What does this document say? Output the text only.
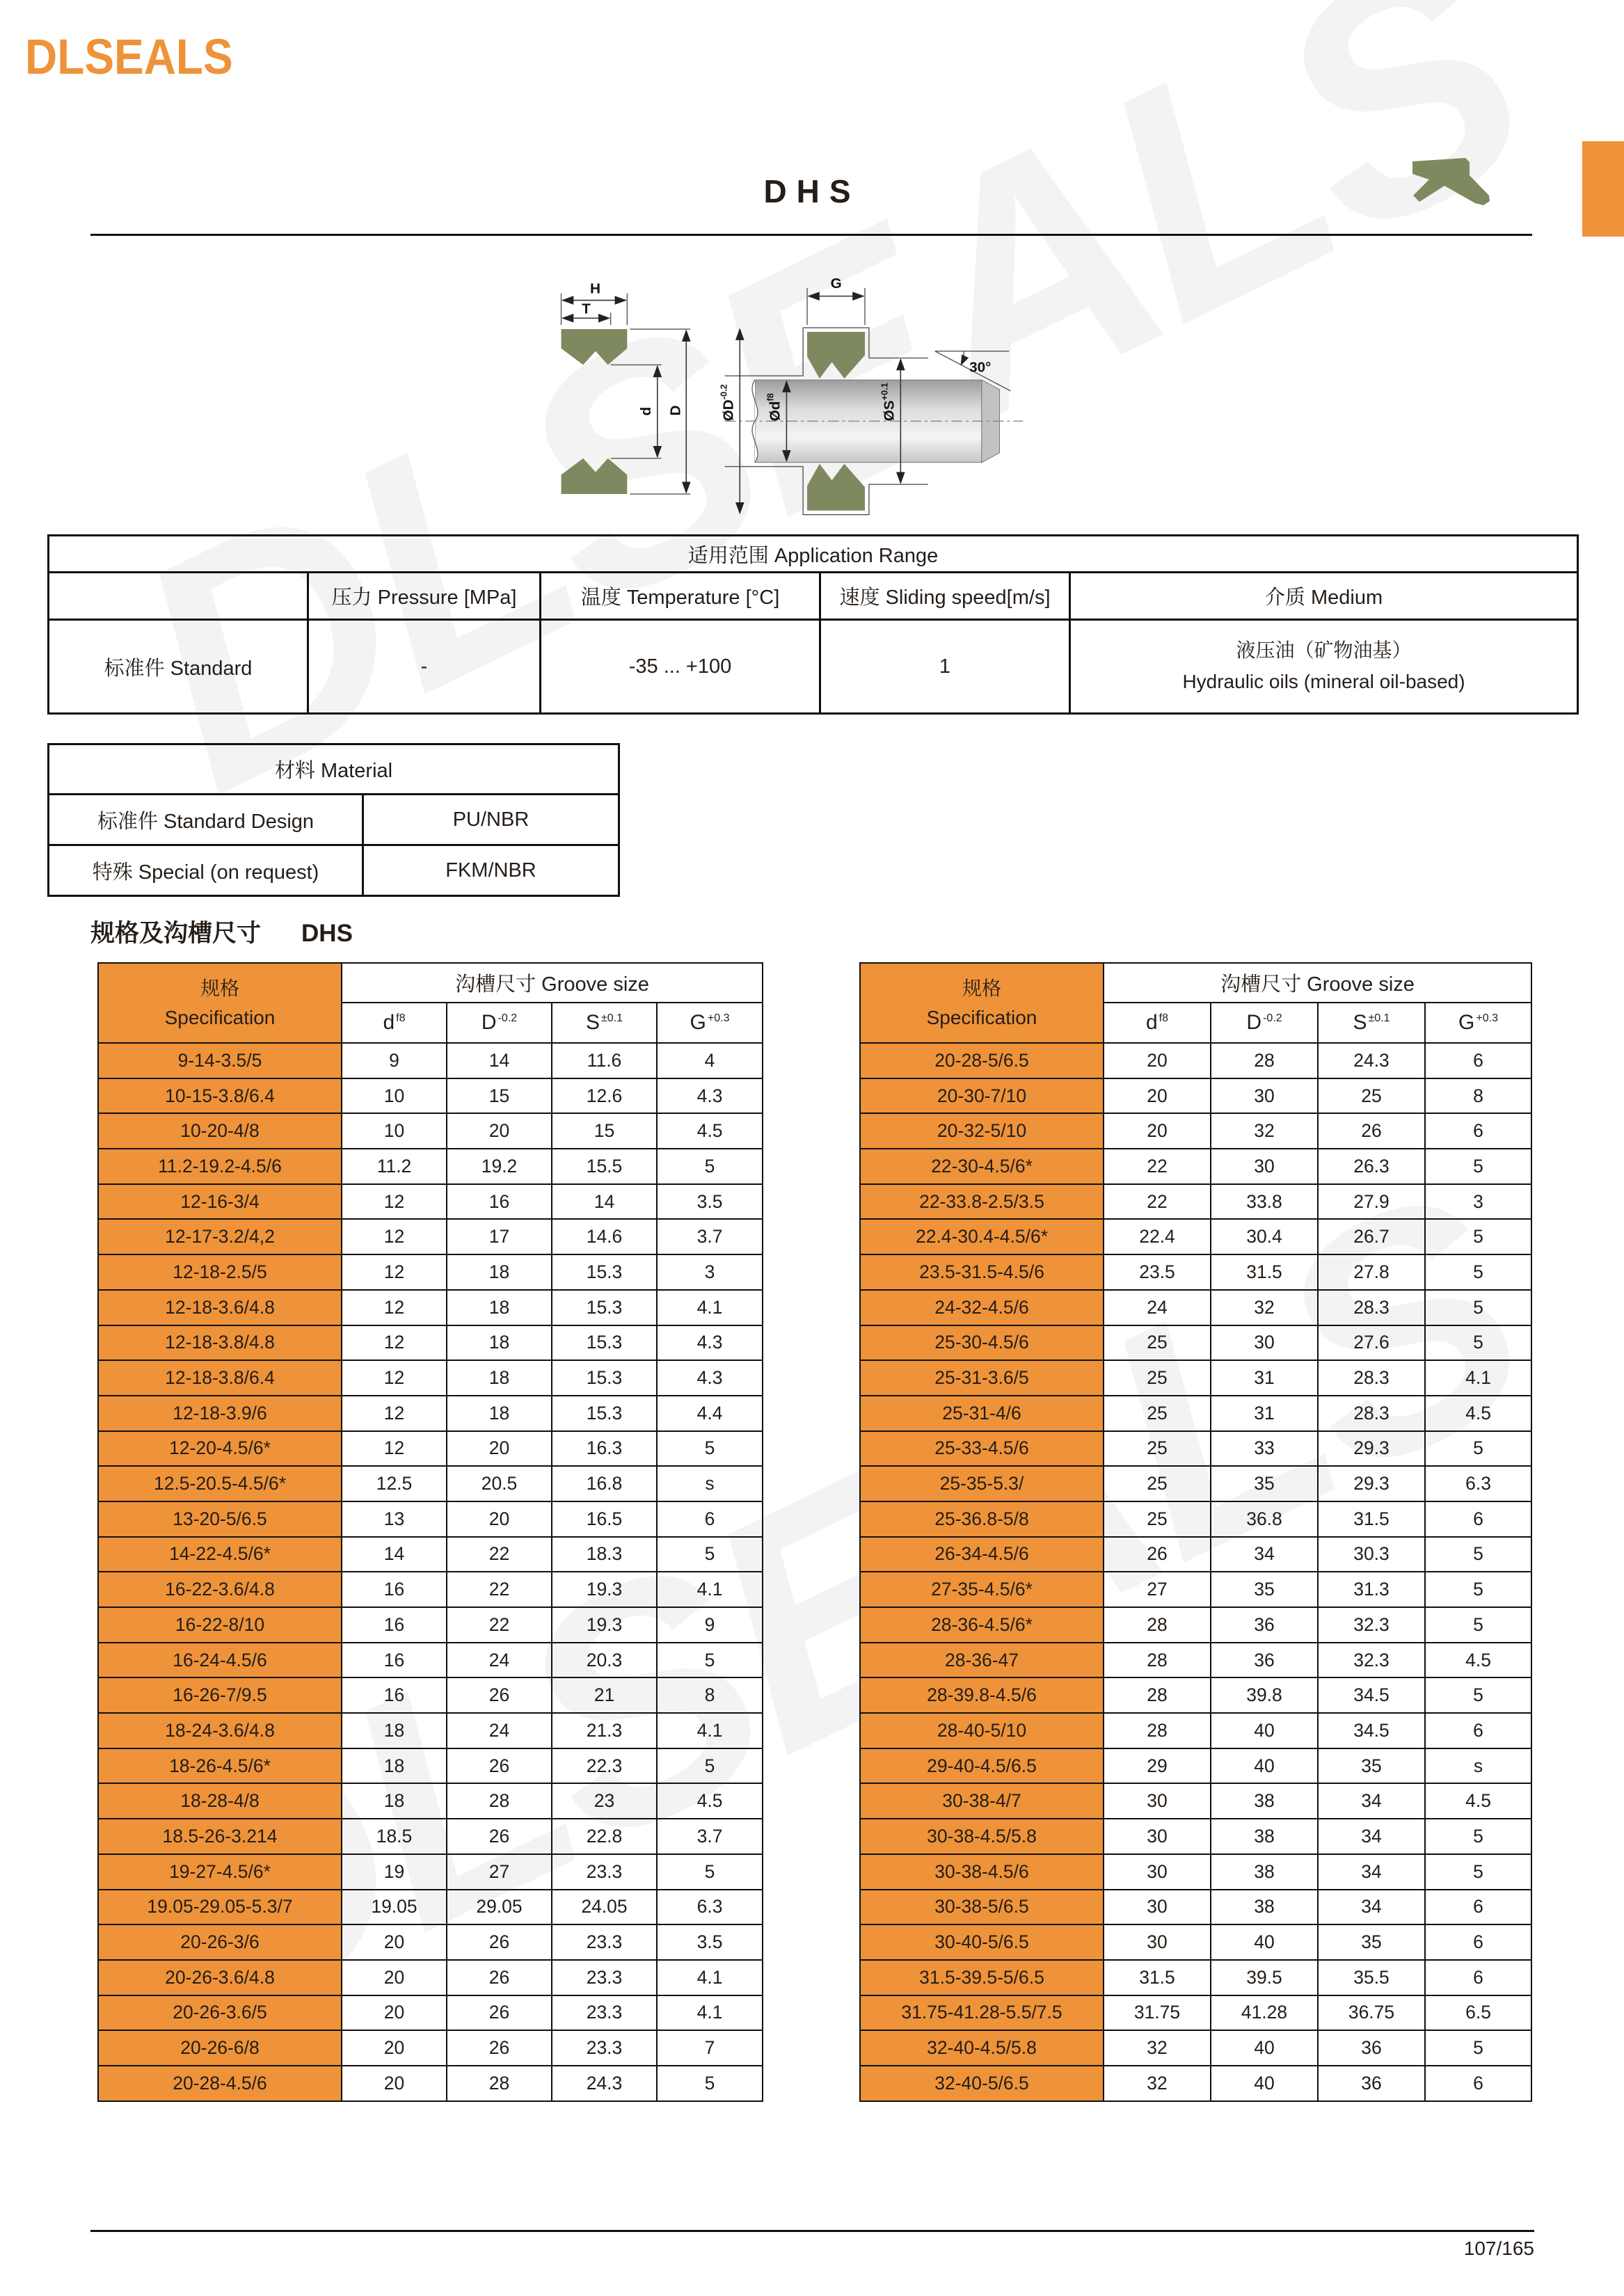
DLSEALS
DHS
H
T
d D
G
$ØD^{-0.2}$
$Ød^{f8}$
$ØS^{+0.1}$
30°
适用范围 Application Range				
	压力 Pressure [MPa]	温度 Temperature [°C]	速度 Sliding speed[m/s]	介质 Medium
标准件 Standard	-	-35 ... +100	1	液压油（矿物油基）
Hydraulic oils (mineral oil-based)
材料 Material	
标准件 Standard Design	PU/NBR
特殊 Special (on request)	FKM/NBR
规格及沟槽尺寸 DHS
规格
Specification	沟槽尺寸 Groove size			
	d $^{f8}$	D $^{-0.2}$	S $^{\pm 0.1}$	G $^{+0.3}$
9-14-3.5/5	9	14	11.6	4
10-15-3.8/6.4	10	15	12.6	4.3
10-20-4/8	10	20	15	4.5
11.2-19.2-4.5/6	11.2	19.2	15.5	5
12-16-3/4	12	16	14	3.5
12-17-3.2/4,2	12	17	14.6	3.7
12-18-2.5/5	12	18	15.3	3
12-18-3.6/4.8	12	18	15.3	4.1
12-18-3.8/4.8	12	18	15.3	4.3
12-18-3.8/6.4	12	18	15.3	4.3
12-18-3.9/6	12	18	15.3	4.4
12-20-4.5/6*	12	20	16.3	5
12.5-20.5-4.5/6*	12.5	20.5	16.8	s
13-20-5/6.5	13	20	16.5	6
14-22-4.5/6*	14	22	18.3	5
16-22-3.6/4.8	16	22	19.3	4.1
16-22-8/10	16	22	19.3	9
16-24-4.5/6	16	24	20.3	5
16-26-7/9.5	16	26	21	8
18-24-3.6/4.8	18	24	21.3	4.1
18-26-4.5/6*	18	26	22.3	5
18-28-4/8	18	28	23	4.5
18.5-26-3.214	18.5	26	22.8	3.7
19-27-4.5/6*	19	27	23.3	5
19.05-29.05-5.3/7	19.05	29.05	24.05	6.3
20-26-3/6	20	26	23.3	3.5
20-26-3.6/4.8	20	26	23.3	4.1
20-26-3.6/5	20	26	23.3	4.1
20-26-6/8	20	26	23.3	7
20-28-4.5/6	20	28	24.3	5
规格
Specification	沟槽尺寸 Groove size			
	d $^{f8}$	D $^{-0.2}$	S $^{\pm 0.1}$	G $^{+0.3}$
20-28-5/6.5	20	28	24.3	6
20-30-7/10	20	30	25	8
20-32-5/10	20	32	26	6
22-30-4.5/6*	22	30	26.3	5
22-33.8-2.5/3.5	22	33.8	27.9	3
22.4-30.4-4.5/6*	22.4	30.4	26.7	5
23.5-31.5-4.5/6	23.5	31.5	27.8	5
24-32-4.5/6	24	32	28.3	5
25-30-4.5/6	25	30	27.6	5
25-31-3.6/5	25	31	28.3	4.1
25-31-4/6	25	31	28.3	4.5
25-33-4.5/6	25	33	29.3	5
25-35-5.3/	25	35	29.3	6.3
25-36.8-5/8	25	36.8	31.5	6
26-34-4.5/6	26	34	30.3	5
27-35-4.5/6*	27	35	31.3	5
28-36-4.5/6*	28	36	32.3	5
28-36-47	28	36	32.3	4.5
28-39.8-4.5/6	28	39.8	34.5	5
28-40-5/10	28	40	34.5	6
29-40-4.5/6.5	29	40	35	s
30-38-4/7	30	38	34	4.5
30-38-4.5/5.8	30	38	34	5
30-38-4.5/6	30	38	34	5
30-38-5/6.5	30	38	34	6
30-40-5/6.5	30	40	35	6
31.5-39.5-5/6.5	31.5	39.5	35.5	6
31.75-41.28-5.5/7.5	31.75	41.28	36.75	6.5
32-40-4.5/5.8	32	40	36	5
32-40-5/6.5	32	40	36	6
107/165
